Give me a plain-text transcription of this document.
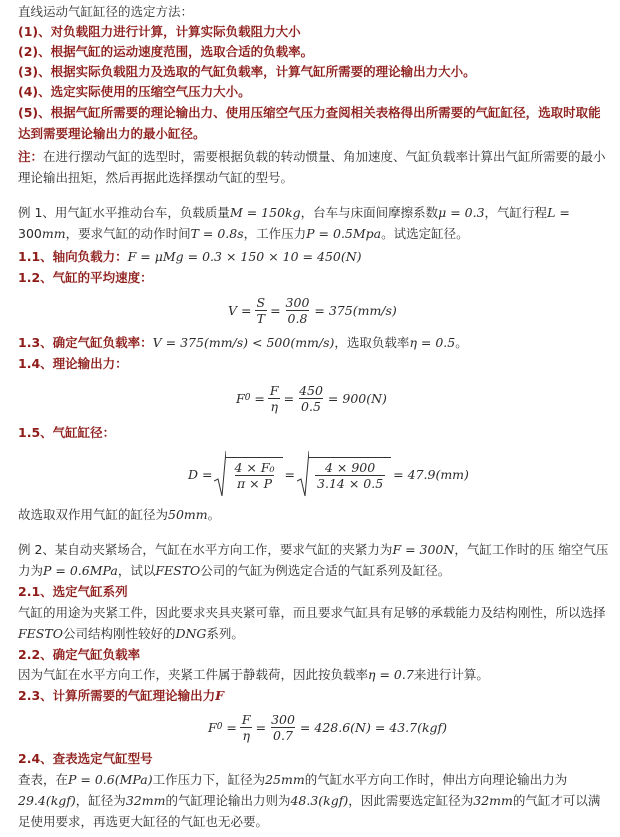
直线运动气缸缸径的选定方法：

(1)、对负载阻力进行计算，计算实际负载阻力大小

(2)、根据气缸的运动速度范围，选取合适的负载率。

(3)、根据实际负载阻力及选取的气缸负载率，计算气缸所需要的理论输出力大小。

(4)、选定实际使用的压缩空气压力大小。

(5)、根据气缸所需要的理论输出力、使用压缩空气压力查阅相关表格得出所需要的气缸缸径，选取时取能达到需要理论输出力的最小缸径。

注：在进行摆动气缸的选型时，需要根据负载的转动惯量、角加速度、气缸负载率计算出气缸所需要的最小理论输出扭矩，然后再据此选择摆动气缸的型号。

例 1、用气缸水平推动台车，负载质量M = 150kg，台车与床面间摩擦系数μ = 0.3，气缸行程L = 300mm，要求气缸的动作时间T = 0.8s，工作压力P = 0.5Mpa。试选定缸径。

1.1、轴向负载力：F = μMg = 0.3 × 150 × 10 = 450(N)

1.2、气缸的平均速度：

$V = \frac{S}{T} = \frac{300}{0.8} = 375(mm/s)$

1.3、确定气缸负载率：V = 375(mm/s) < 500(mm/s)，选取负载率η = 0.5。

1.4、理论输出力：

F 0
= $\frac{F}{\eta} = \frac{450}{0.5} = 900(N)$

1.5、气缸缸径：

$D = \frac{\text{4 × F₀}}{\pi \times P} = \frac{4 \times 900}{3.14 \times 0.5} = 47.9(mm)$

故选取双作用气缸的缸径为50mm。

例 2、某自动夹紧场合，气缸在水平方向工作，要求气缸的夹紧力为F = 300N，气缸工作时的压 缩空气压力为P = 0.6MPa，试以FESTO公司的气缸为例选定合适的气缸系列及缸径。

2.1、选定气缸系列

气缸的用途为夹紧工件，因此要求夹具夹紧可靠，而且要求气缸具有足够的承载能力及结构刚性，所以选择FESTO公司结构刚性较好的DNG系列。

2.2、确定气缸负载率

因为气缸在水平方向工作，夹紧工件属于静载荷，因此按负载率η = 0.7来进行计算。

2.3、计算所需要的气缸理论输出力F

F 0
= $\frac{F}{\eta} = \frac{300}{0.7} = 428.6(N) = 43.7(kgf)$

2.4、查表选定气缸型号

查表，在P = 0.6(MPa)工作压力下，缸径为25mm的气缸水平方向工作时，伸出方向理论输出力为29.4(kgf)，缸径为32mm的气缸理论输出力则为48.3(kgf)，因此需要选定缸径为32mm的气缸才可以满足使用要求，再选更大缸径的气缸也无必要。
